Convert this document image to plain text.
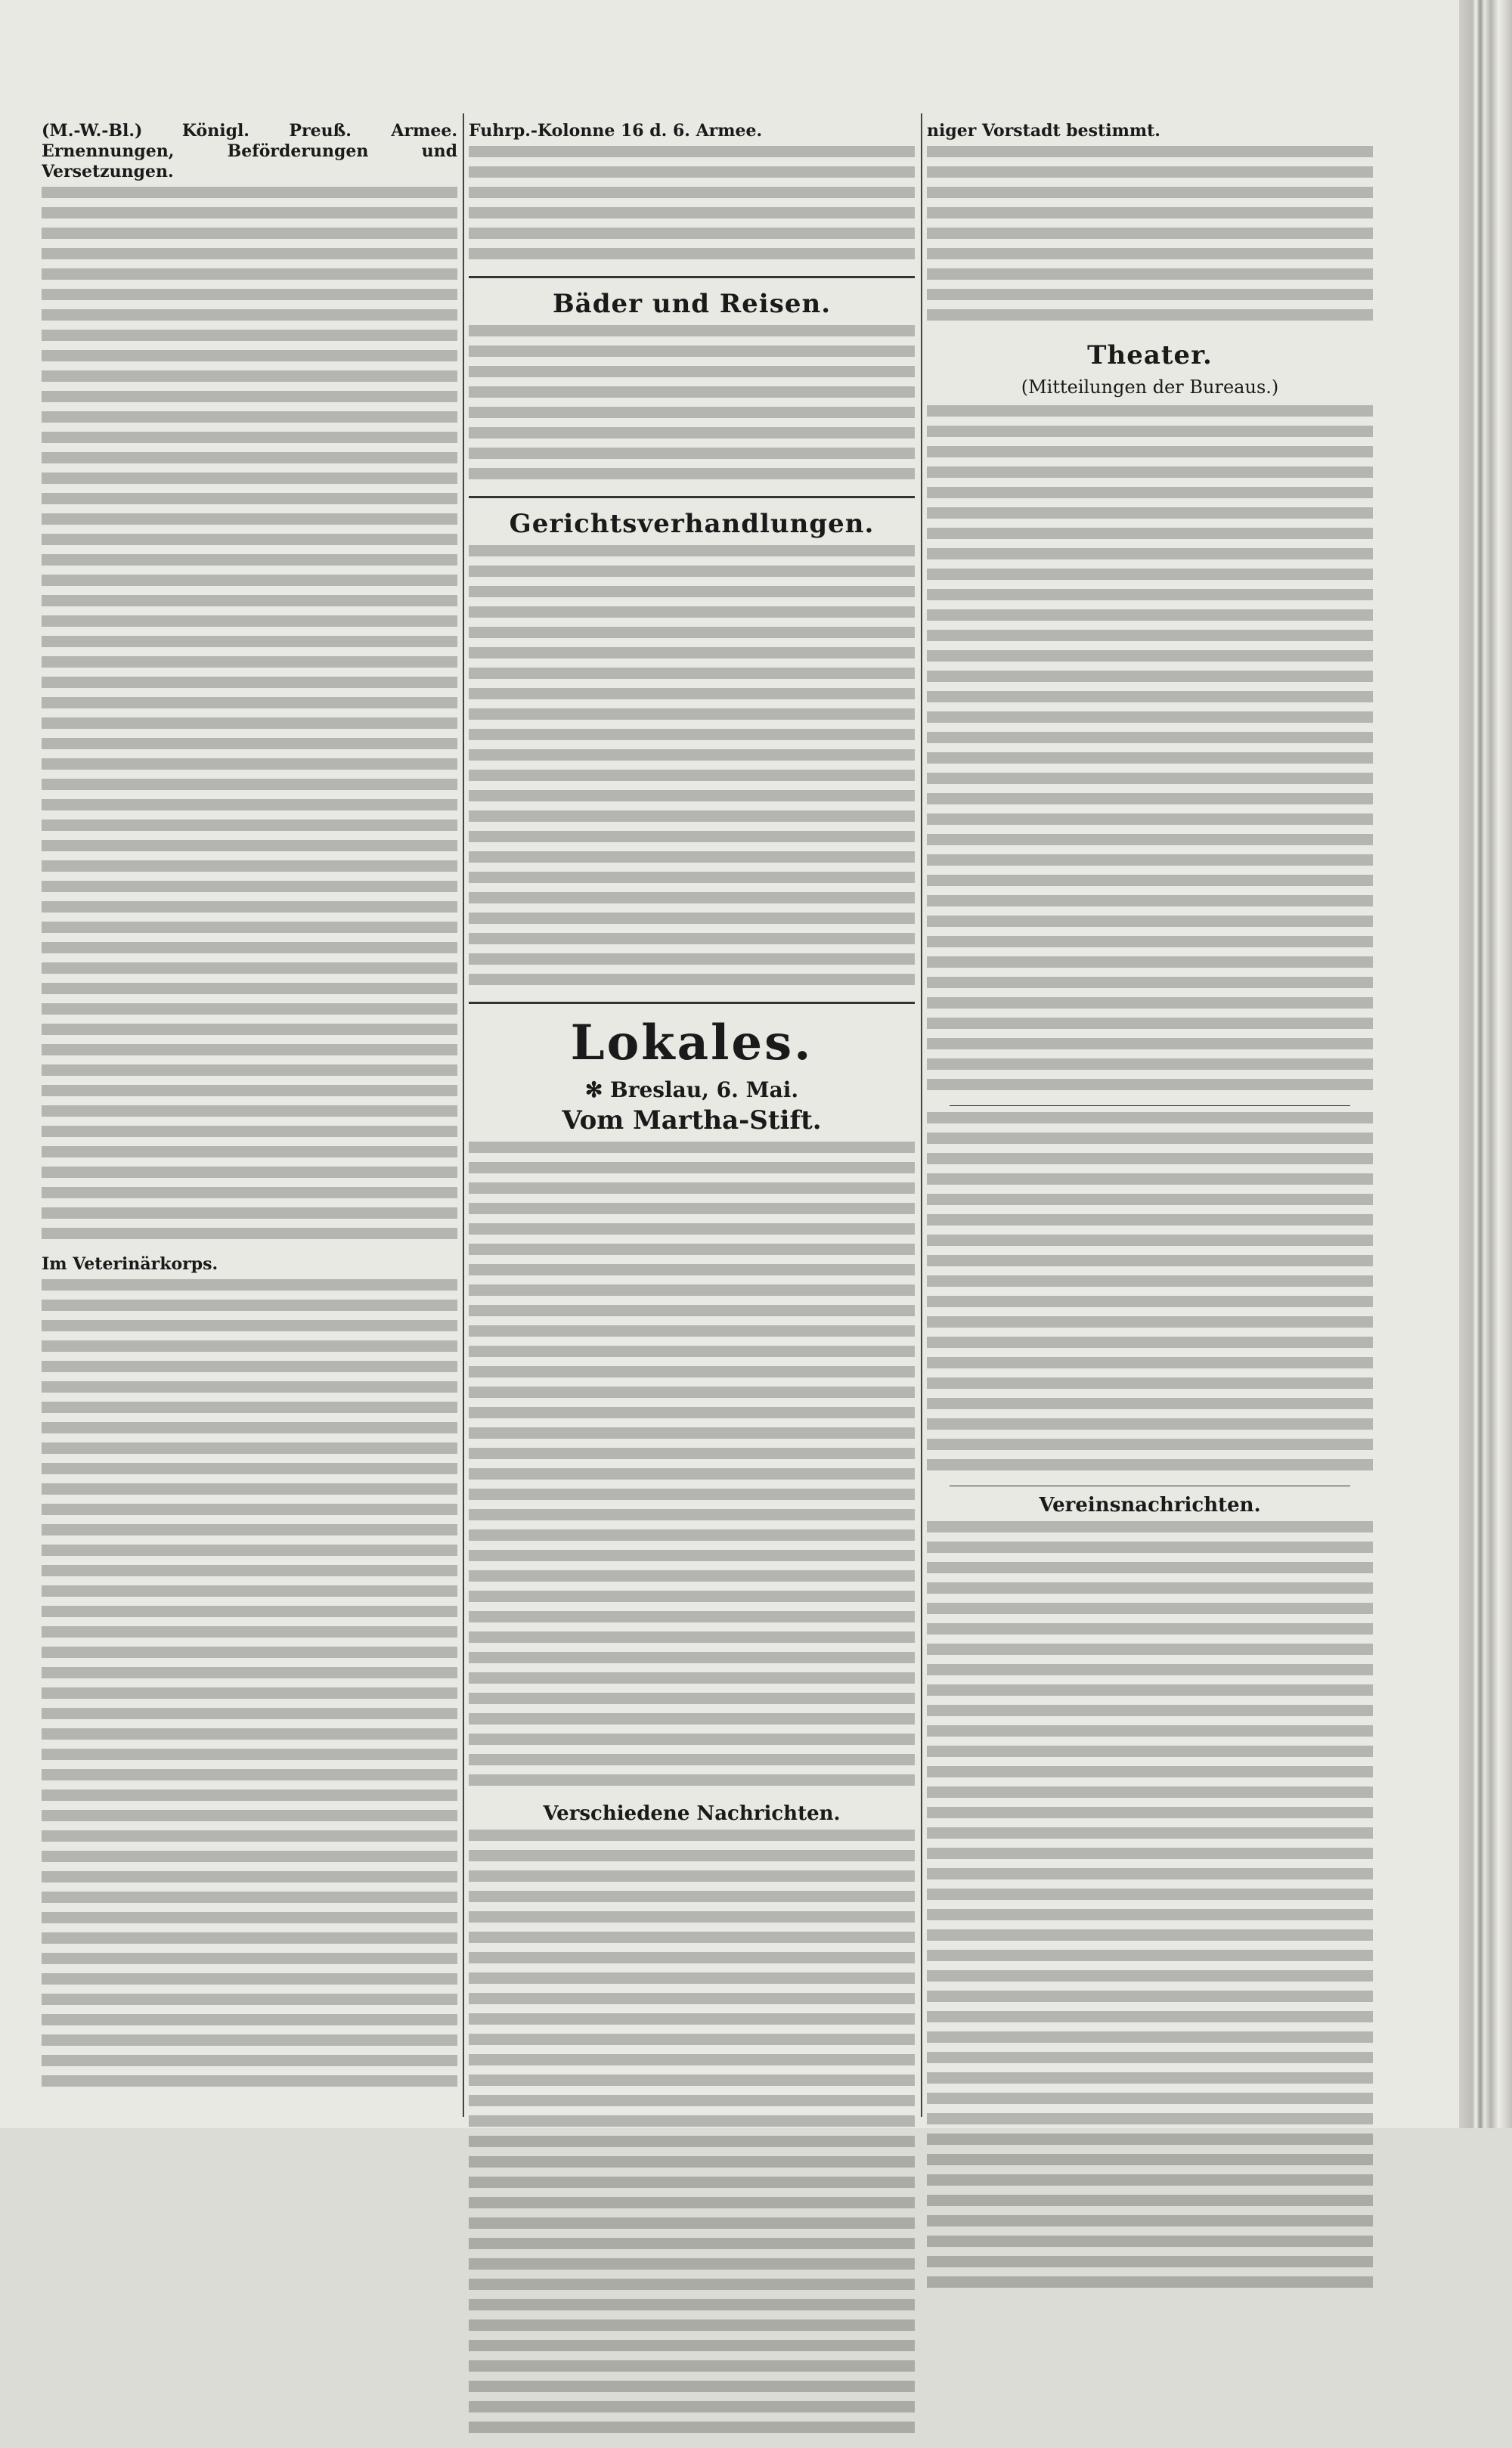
(M.-W.-Bl.) Königl. Preuß. Armee. Ernennungen, Beförderungen und Versetzungen.

Im Veterinärkorps.

Fuhrp.-Kolonne 16 d. 6. Armee.

Bäder und Reisen.
Gerichtsverhandlungen.
Lokales.
✻ Breslau, 6. Mai.
Vom Martha-Stift.
Verschiedene Nachrichten.

niger Vorstadt bestimmt.

Theater.
(Mitteilungen der Bureaus.)
Vereinsnachrichten.
